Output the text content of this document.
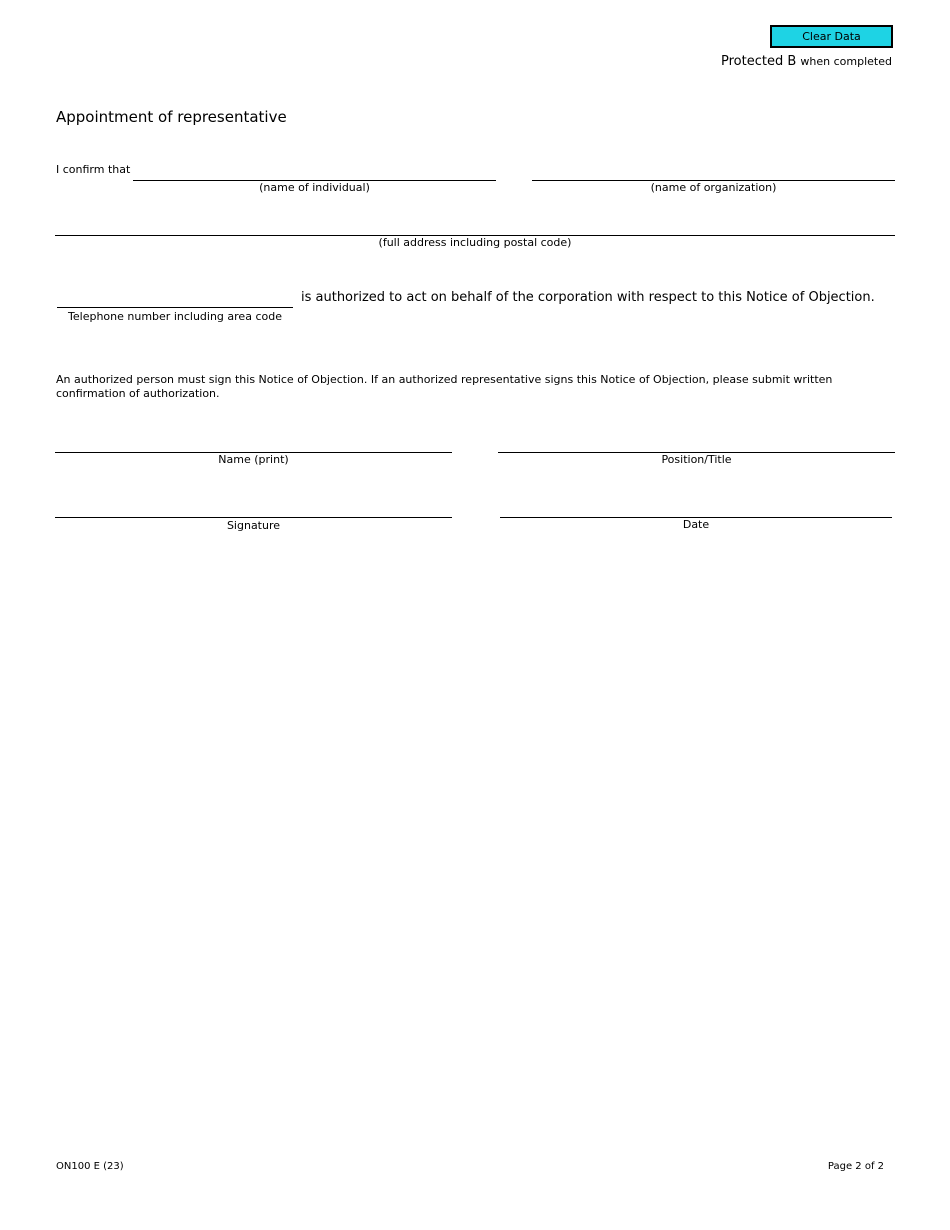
Clear Data
Protected B when completed
Appointment of representative
I confirm that
(name of individual)	(name of organization)
(full address including postal code)
Telephone number including area code
is authorized to act on behalf of the corporation with respect to this Notice of Objection.
An authorized person must sign this Notice of Objection. If an authorized representative signs this Notice of Objection, please submit written confirmation of authorization.
Name (print)	Position/Title
Signature	Date
ON100 E (23)	Page 2 of 2
